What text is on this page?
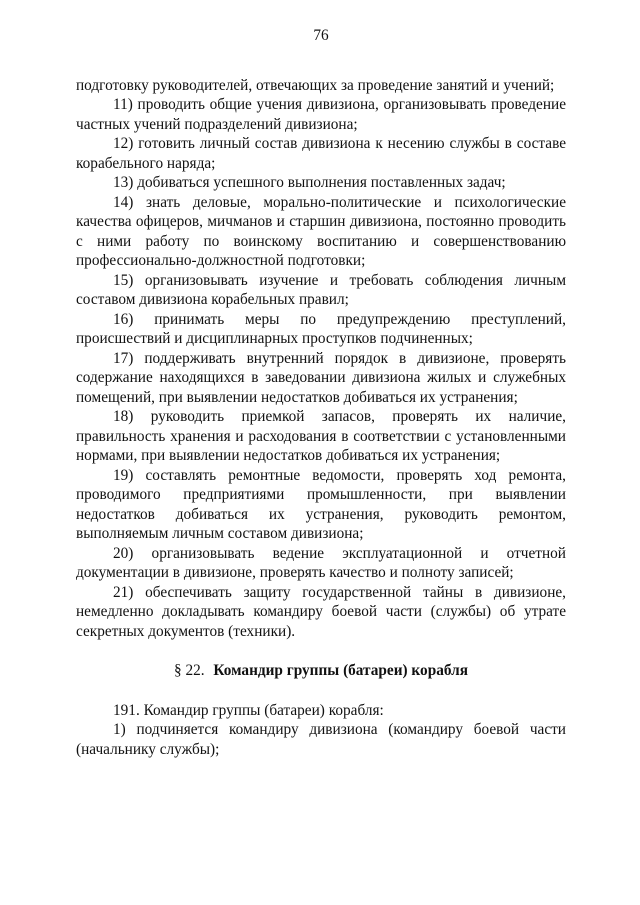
76

подготовку руководителей, отвечающих за проведение занятий и учений;

11) проводить общие учения дивизиона, организовывать проведение частных учений подразделений дивизиона;

12) готовить личный состав дивизиона к несению службы в составе корабельного наряда;

13) добиваться успешного выполнения поставленных задач;

14) знать деловые, морально-политические и психологические качества офицеров, мичманов и старшин дивизиона, постоянно проводить с ними работу по воинскому воспитанию и совершенствованию профессионально-должностной подготовки;

15) организовывать изучение и требовать соблюдения личным составом дивизиона корабельных правил;

16) принимать меры по предупреждению преступлений, происшествий и дисциплинарных проступков подчиненных;

17) поддерживать внутренний порядок в дивизионе, проверять содержание находящихся в заведовании дивизиона жилых и служебных помещений, при выявлении недостатков добиваться их устранения;

18) руководить приемкой запасов, проверять их наличие, правильность хранения и расходования в соответствии с установленными нормами, при выявлении недостатков добиваться их устранения;

19) составлять ремонтные ведомости, проверять ход ремонта, проводимого предприятиями промышленности, при выявлении недостатков добиваться их устранения, руководить ремонтом, выполняемым личным составом дивизиона;

20) организовывать ведение эксплуатационной и отчетной документации в дивизионе, проверять качество и полноту записей;

21) обеспечивать защиту государственной тайны в дивизионе, немедленно докладывать командиру боевой части (службы) об утрате секретных документов (техники).

§ 22. Командир группы (батареи) корабля

191. Командир группы (батареи) корабля:

1) подчиняется командиру дивизиона (командиру боевой части (начальнику службы);
